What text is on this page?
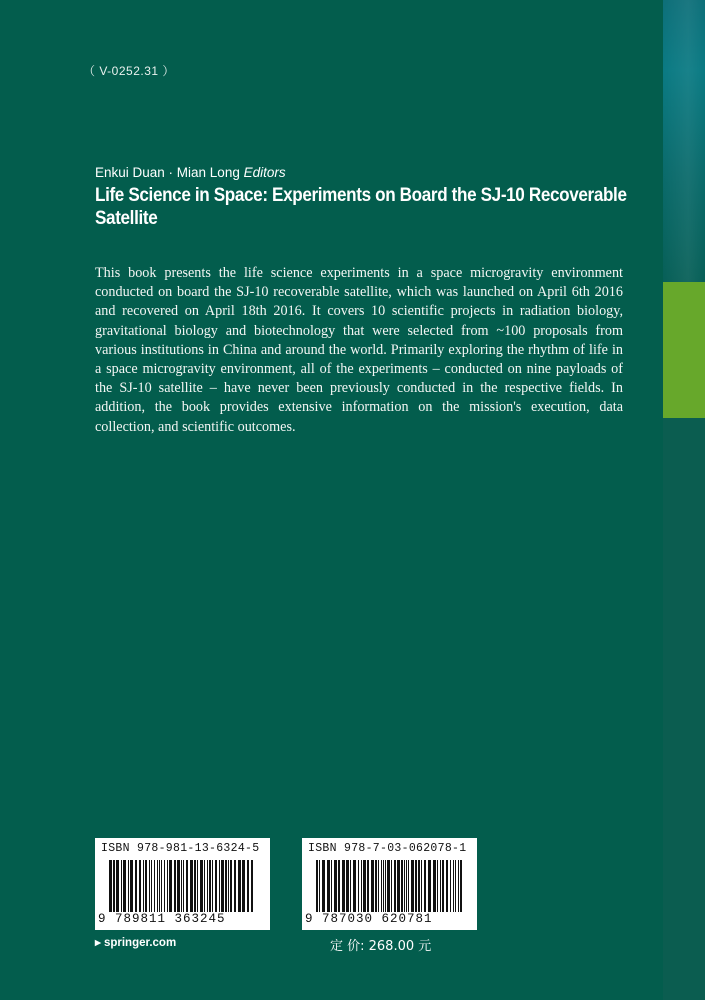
（ V-0252.31 ）
Enkui Duan · Mian Long Editors
Life Science in Space: Experiments on Board the SJ-10 Recoverable
Satellite
This book presents the life science experiments in a space microgravity environment conducted on board the SJ-10 recoverable satellite, which was launched on April 6th 2016 and recovered on April 18th 2016. It covers 10 scientific projects in radiation biology, gravitational biology and biotechnology that were selected from ~100 proposals from various institutions in China and around the world. Primarily exploring the rhythm of life in a space microgravity environment, all of the experiments – conducted on nine payloads of the SJ-10 satellite – have never been previously conducted in the respective fields. In addition, the book provides extensive information on the mission's execution, data collection, and scientific outcomes.
ISBN 978-981-13-6324-5
9 789811 363245
ISBN 978-7-03-062078-1
9 787030 620781
▸ springer.com	定 价: 268.00 元
